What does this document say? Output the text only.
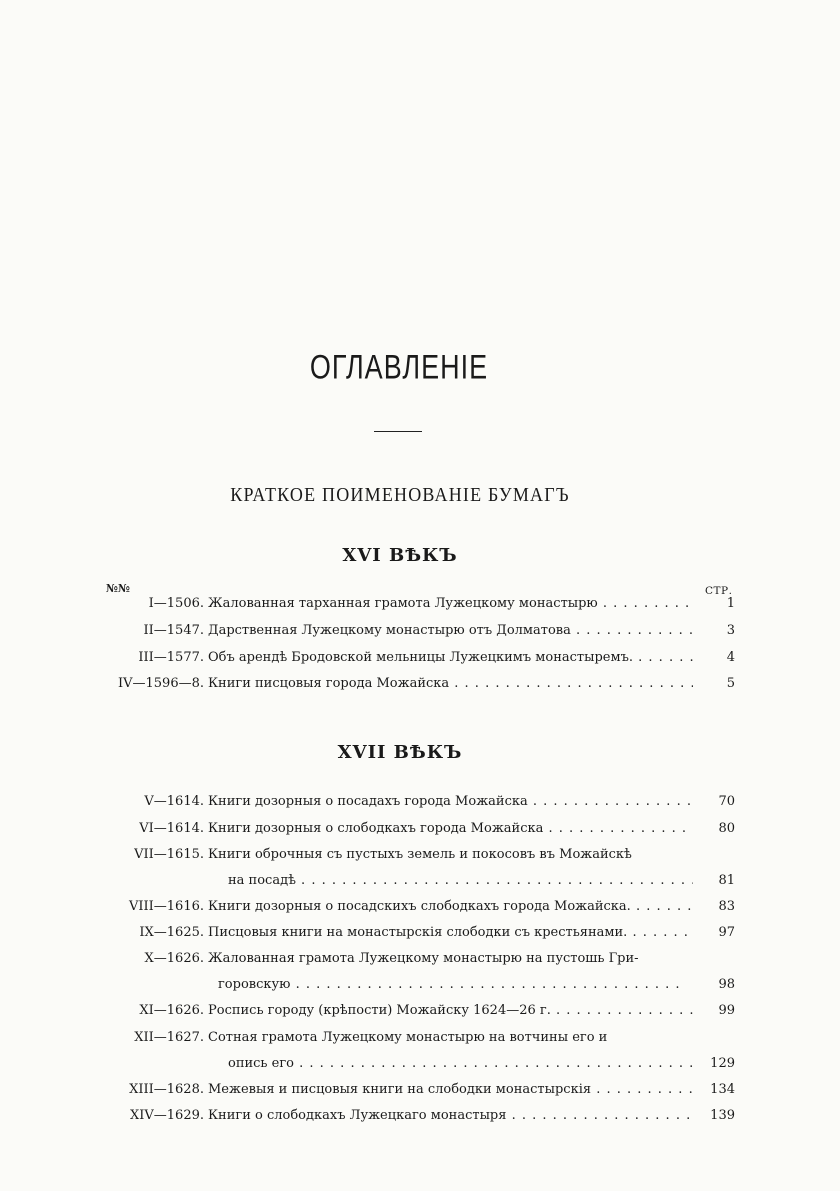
ОГЛАВЛЕНІЕ
КРАТКОЕ ПОИМЕНОВАНІЕ БУМАГЪ
XVI ВѢКЪ
№№	СТР.
I—1506. Жалованная тарханная грамота Лужецкому монастырю . . .	1
II—1547. Дарственная Лужецкому монастырю отъ Долматова . . .	3
III—1577. Объ арендѣ Бродовской мельницы Лужецкимъ монастыремъ. . . .	4
IV—1596—8. Книги писцовыя города Можайска . . .	5
XVII ВѢКЪ
V—1614. Книги дозорныя о посадахъ города Можайска . . .	70
VI—1614. Книги дозорныя о слободкахъ города Можайска . . .	80
VII—1615. Книги оброчныя съ пустыхъ земель и покосовъ въ Можайскѣ
на посадѣ . . .	81
VIII—1616. Книги дозорныя о посадскихъ слободкахъ города Можайска. . . .	83
IX—1625. Писцовыя книги на монастырскія слободки съ крестьянами. . . .	97
X—1626. Жалованная грамота Лужецкому монастырю на пустошь Гри-
горовскую . . .	98
XI—1626. Роспись городу (крѣпости) Можайску 1624—26 г. . . .	99
XII—1627. Сотная грамота Лужецкому монастырю на вотчины его и
опись его . . .	129
XIII—1628. Межевыя и писцовыя книги на слободки монастырскія . . .	134
XIV—1629. Книги о слободкахъ Лужецкаго монастыря . . .	139
